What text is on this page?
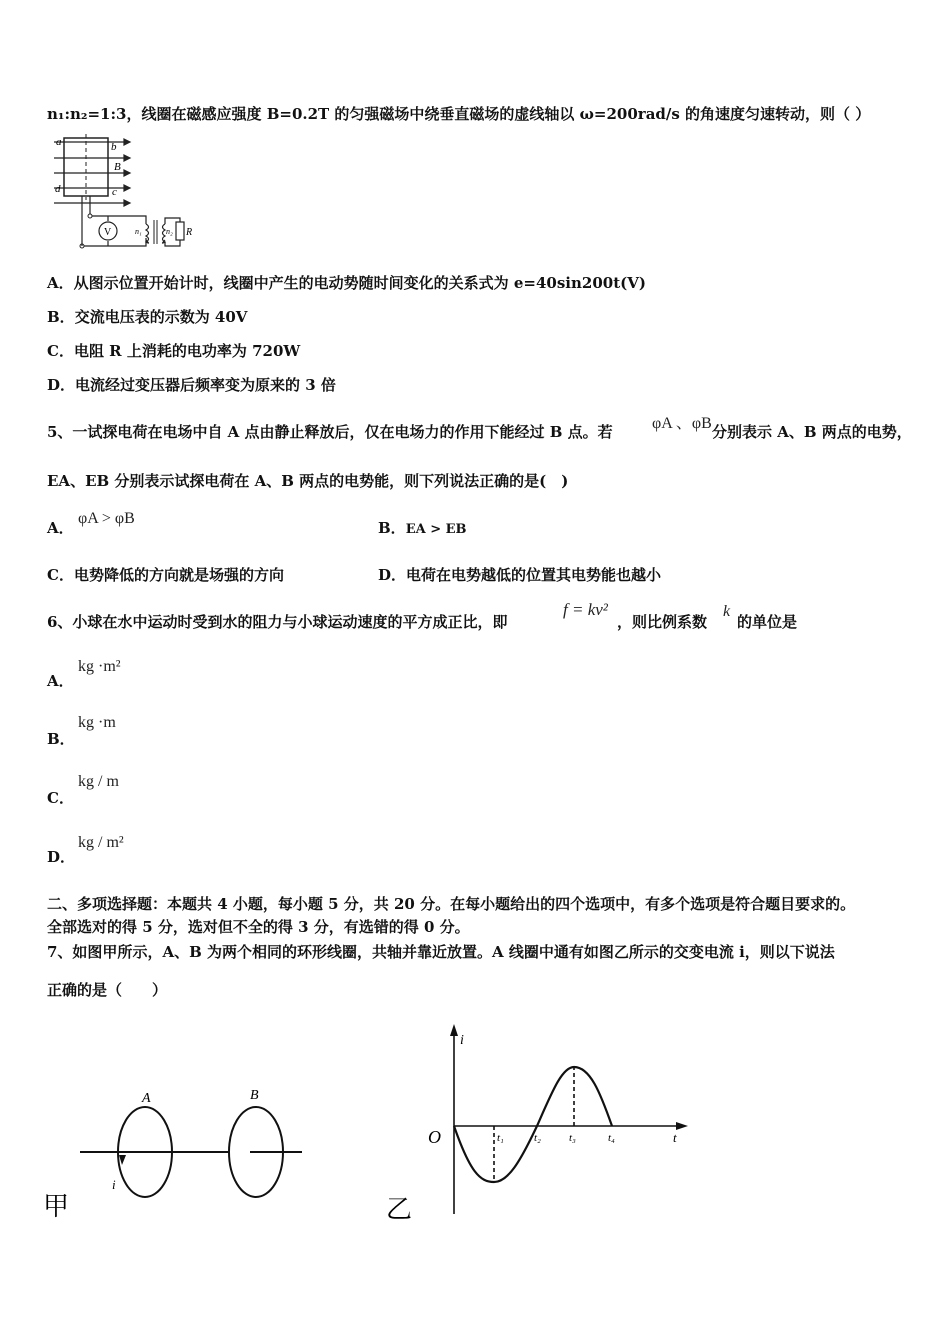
n₁:n₂=1:3，线圈在磁感应强度 B=0.2T 的匀强磁场中绕垂直磁场的虚线轴以 ω=200rad/s 的角速度匀速转动，则（ ）
a	b
B
d	c
V	n₁	n₂ R
A．从图示位置开始计时，线圈中产生的电动势随时间变化的关系式为 e=40sin200t(V)
B．交流电压表的示数为 40V
C．电阻 R 上消耗的电功率为 720W
D．电流经过变压器后频率变为原来的 3 倍
5、一试探电荷在电场中自 A 点由静止释放后，仅在电场力的作用下能经过 B 点。若 φA 、φB 分别表示 A、B 两点的电势，
EA、EB 分别表示试探电荷在 A、B 两点的电势能，则下列说法正确的是(　)
A．
φA > φB
B．EA > EB
C．电势降低的方向就是场强的方向	D．电荷在电势越低的位置其电势能也越小
6、小球在水中运动时受到水的阻力与小球运动速度的平方成正比，即
f = kv²
，则比例系数
k
的单位是
A．
kg ·m²
B．
kg ·m
C．
kg / m
D．
kg / m²
二、多项选择题：本题共 4 小题，每小题 5 分，共 20 分。在每小题给出的四个选项中，有多个选项是符合题目要求的。
全部选对的得 5 分，选对但不全的得 3 分，有选错的得 0 分。
7、如图甲所示，A、B 为两个相同的环形线圈，共轴并靠近放置。A 线圈中通有如图乙所示的交变电流 i，则以下说法
正确的是（　　）
A	B
i
甲
i
t
O	t₁	t₂	t₃	t₄
乙
